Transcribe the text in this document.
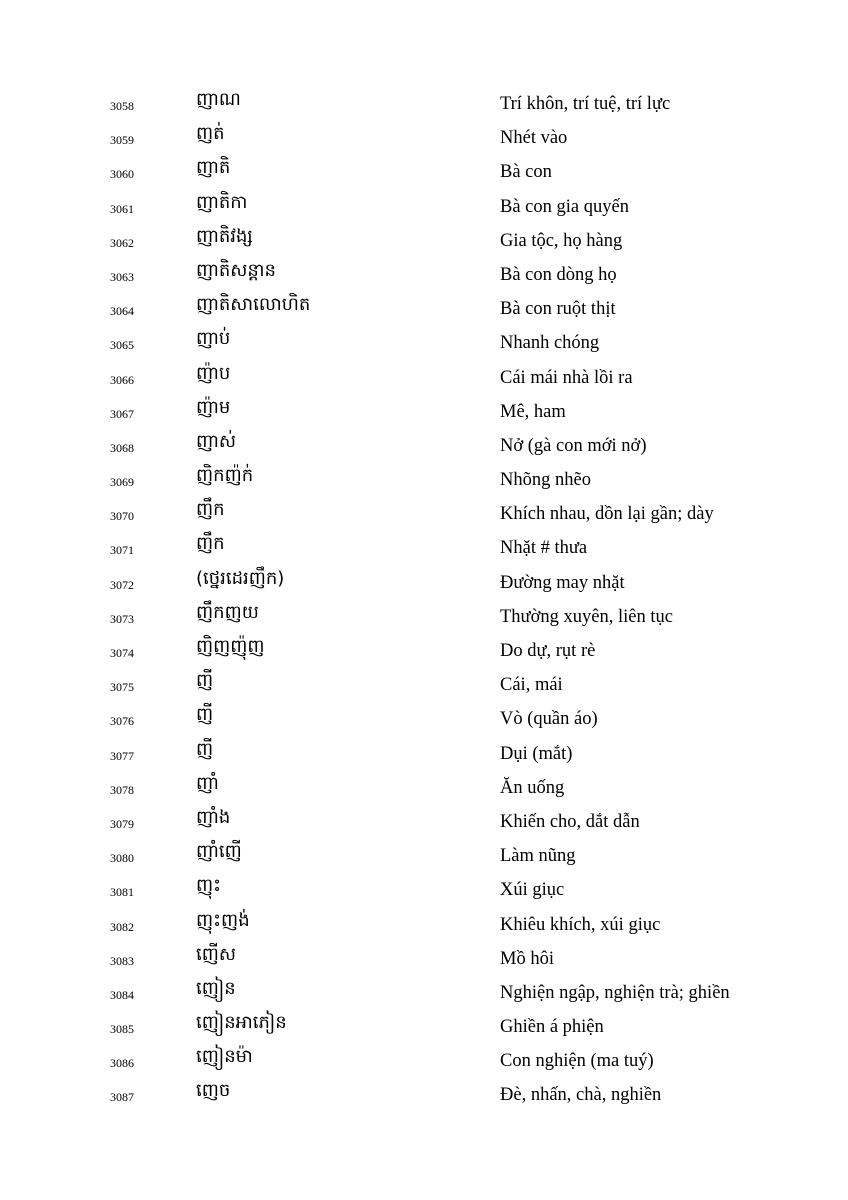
3058	ញាណ	Trí khôn, trí tuệ, trí lực
3059	ញត់	Nhét vào
3060	ញាតិ	Bà con
3061	ញាតិកា	Bà con gia quyến
3062	ញាតិវង្ស	Gia tộc, họ hàng
3063	ញាតិសន្តាន	Bà con dòng họ
3064	ញាតិសាលោហិត	Bà con ruột thịt
3065	ញាប់	Nhanh chóng
3066	ញ៉ាប	Cái mái nhà lồi ra
3067	ញ៉ាម	Mê, ham
3068	ញាស់	Nở (gà con mới nở)
3069	ញិកញ៉ក់	Nhõng nhẽo
3070	ញឹក	Khích nhau, dồn lại gần; dày
3071	ញឹក	Nhặt # thưa
3072	(ថ្នេរដេរញឹក)	Đường may nhặt
3073	ញឹកញយ	Thường xuyên, liên tục
3074	ញិញញ៉ុញ	Do dự, rụt rè
3075	ញី	Cái, mái
3076	ញី	Vò (quần áo)
3077	ញី	Dụi (mắt)
3078	ញាំ	Ăn uống
3079	ញាំង	Khiến cho, dắt dẫn
3080	ញាំញើ	Làm nũng
3081	ញុះ	Xúi giục
3082	ញុះញង់	Khiêu khích, xúi giục
3083	ញើស	Mồ hôi
3084	ញៀន	Nghiện ngập, nghiện trà; ghiền
3085	ញៀនអាភៀន	Ghiền á phiện
3086	ញៀនម៉ា	Con nghiện (ma tuý)
3087	ញេច	Đè, nhấn, chà, nghiền
